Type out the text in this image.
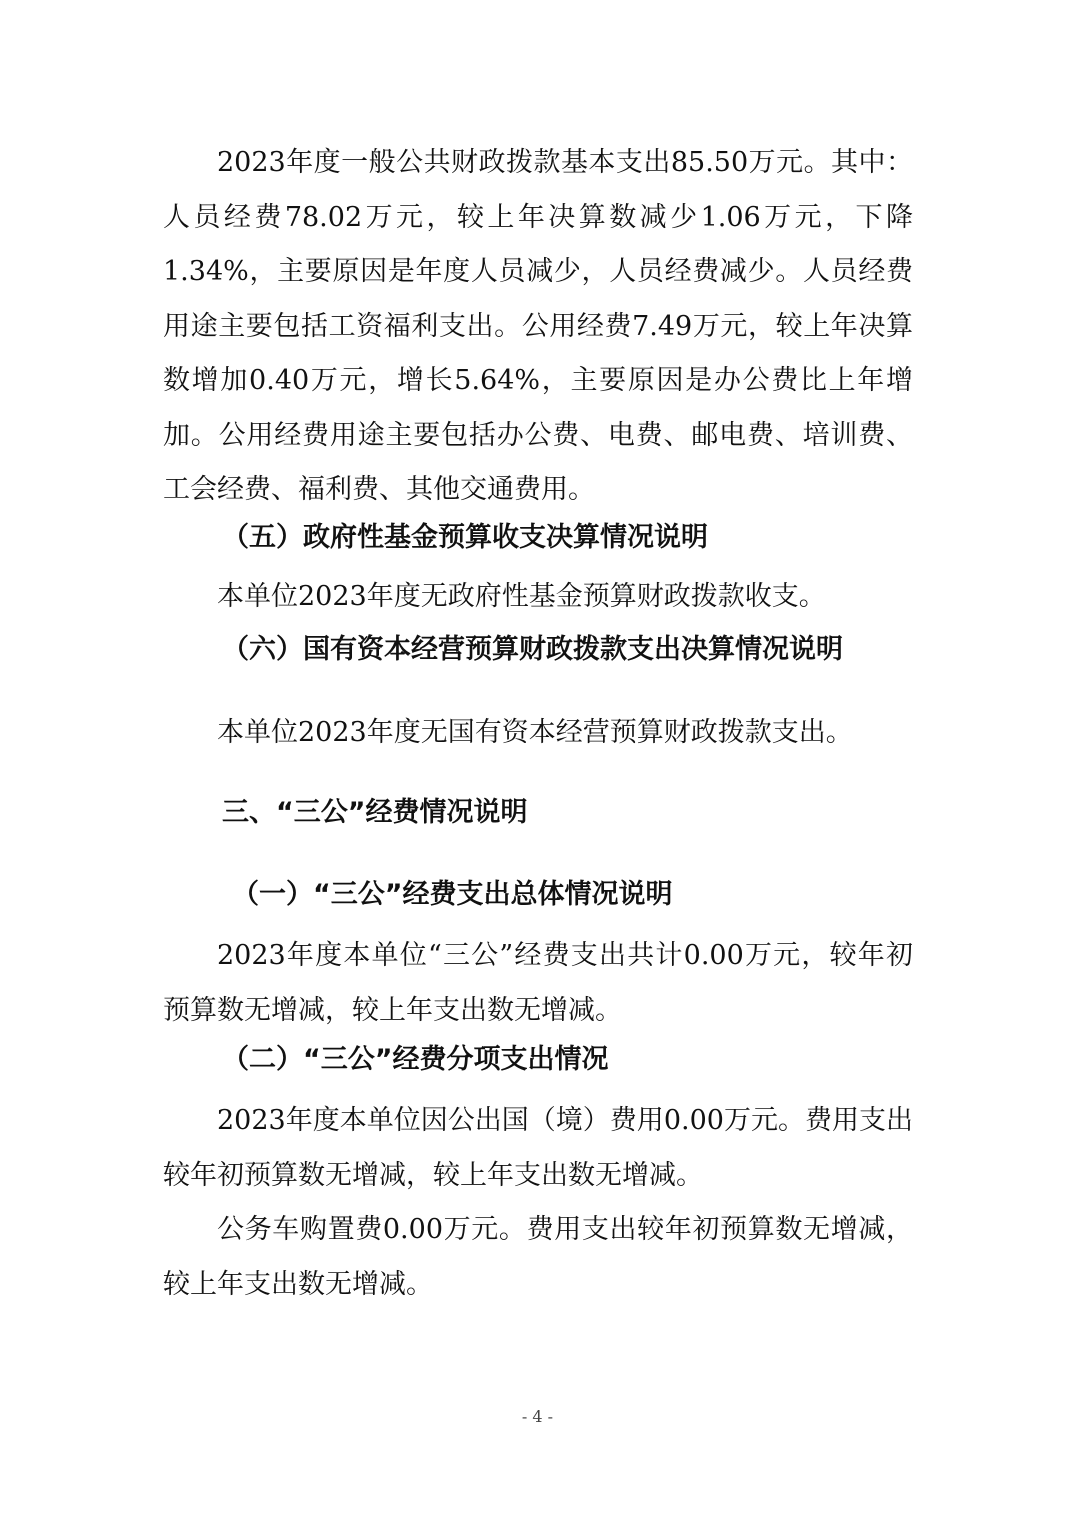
2023年度一般公共财政拨款基本支出85.50万元。其中：人员经费78.02万元，较上年决算数减少1.06万元，下降1.34%，主要原因是年度人员减少，人员经费减少。人员经费用途主要包括工资福利支出。公用经费7.49万元，较上年决算数增加0.40万元，增长5.64%，主要原因是办公费比上年增加。公用经费用途主要包括办公费、电费、邮电费、培训费、工会经费、福利费、其他交通费用。

（五）政府性基金预算收支决算情况说明

本单位2023年度无政府性基金预算财政拨款收支。

（六）国有资本经营预算财政拨款支出决算情况说明

本单位2023年度无国有资本经营预算财政拨款支出。

三、“三公”经费情况说明
（一）“三公”经费支出总体情况说明

2023年度本单位“三公”经费支出共计0.00万元，较年初预算数无增减，较上年支出数无增减。

（二）“三公”经费分项支出情况

2023年度本单位因公出国（境）费用0.00万元。费用支出较年初预算数无增减，较上年支出数无增减。

公务车购置费0.00万元。费用支出较年初预算数无增减，较上年支出数无增减。

- 4 -
